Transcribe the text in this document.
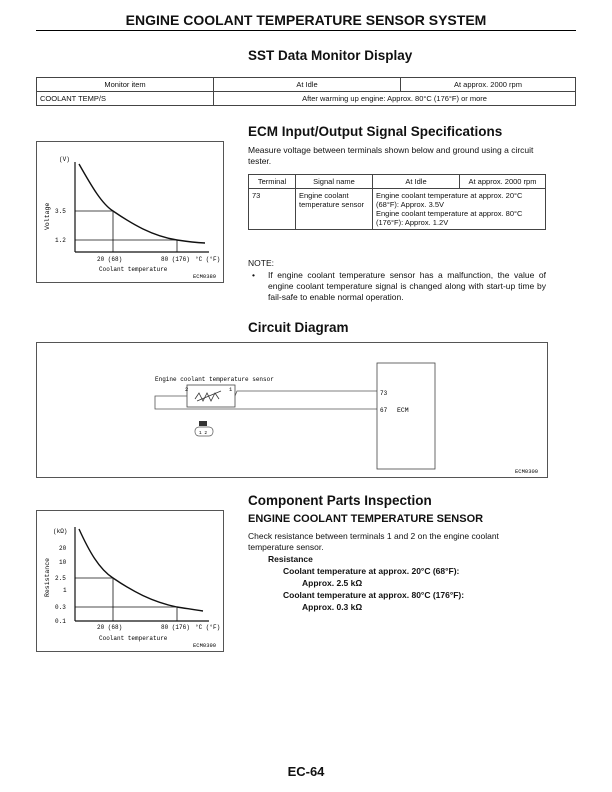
ENGINE COOLANT TEMPERATURE SENSOR SYSTEM
SST Data Monitor Display
Monitor item	At Idle	At approx. 2000 rpm
COOLANT TEMP/S	After warming up engine: Approx. 80°C (176°F) or more	
(V)
Voltage 3.5
1.2
20 (68)	80 (176) °C (°F)
Coolant temperature
ECM0389
ECM Input/Output Signal Specifications
Measure voltage between terminals shown below and ground using a circuit tester.
Terminal	Signal name	At Idle	At approx. 2000 rpm
73	Engine coolant temperature sensor	Engine coolant temperature at approx. 20°C (68°F): Approx. 3.5V
Engine coolant temperature at approx. 80°C (176°F): Approx. 1.2V	
NOTE:
• If engine coolant temperature sensor has a malfunction, the value of engine coolant temperature signal is changed along with start-up time by fail-safe to enable normal operation.
Circuit Diagram
Engine coolant temperature sensor
2	1
73
67 ECM
1 2
ECM0300
(kΩ)
Resistance
20
10
2.5
1
0.3
0.1
20 (68)	80 (176) °C (°F)
Coolant temperature
ECM0390
Component Parts Inspection
ENGINE COOLANT TEMPERATURE SENSOR
Check resistance between terminals 1 and 2 on the engine coolant temperature sensor.
Resistance
Coolant temperature at approx. 20°C (68°F):
Approx. 2.5 kΩ
Coolant temperature at approx. 80°C (176°F):
Approx. 0.3 kΩ
EC-64
